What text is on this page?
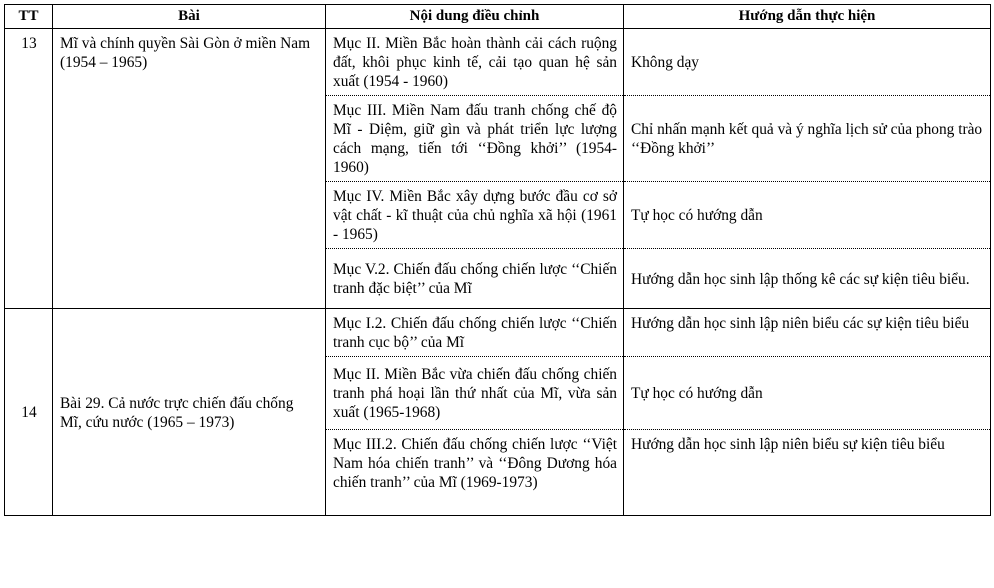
TT	Bài	Nội dung điều chỉnh	Hướng dẫn thực hiện
13	Mĩ và chính quyền Sài Gòn ở miền Nam (1954 – 1965)	Mục II. Miền Bắc hoàn thành cải cách ruộng đất, khôi phục kinh tế, cải tạo quan hệ sản xuất (1954 - 1960)	Không dạy
		Mục III. Miền Nam đấu tranh chống chế độ Mĩ - Diệm, giữ gìn và phát triển lực lượng cách mạng, tiến tới ‘‘Đồng khởi’’ (1954-1960)	Chỉ nhấn mạnh kết quả và ý nghĩa lịch sử của phong trào ‘‘Đồng khởi’’
		Mục IV. Miền Bắc xây dựng bước đầu cơ sở vật chất - kĩ thuật của chủ nghĩa xã hội (1961 - 1965)	Tự học có hướng dẫn
		Mục V.2. Chiến đấu chống chiến lược ‘‘Chiến tranh đặc biệt’’ của Mĩ	Hướng dẫn học sinh lập thống kê các sự kiện tiêu biểu.
14	Bài 29. Cả nước trực chiến đấu chống Mĩ, cứu nước (1965 – 1973)	Mục I.2. Chiến đấu chống chiến lược ‘‘Chiến tranh cục bộ’’ của Mĩ	Hướng dẫn học sinh lập niên biểu các sự kiện tiêu biểu
		Mục II. Miền Bắc vừa chiến đấu chống chiến tranh phá hoại lần thứ nhất của Mĩ, vừa sản xuất (1965-1968)	Tự học có hướng dẫn
		Mục III.2. Chiến đấu chống chiến lược ‘‘Việt Nam hóa chiến tranh’’ và ‘‘Đông Dương hóa chiến tranh’’ của Mĩ (1969-1973)	Hướng dẫn học sinh lập niên biểu sự kiện tiêu biểu
